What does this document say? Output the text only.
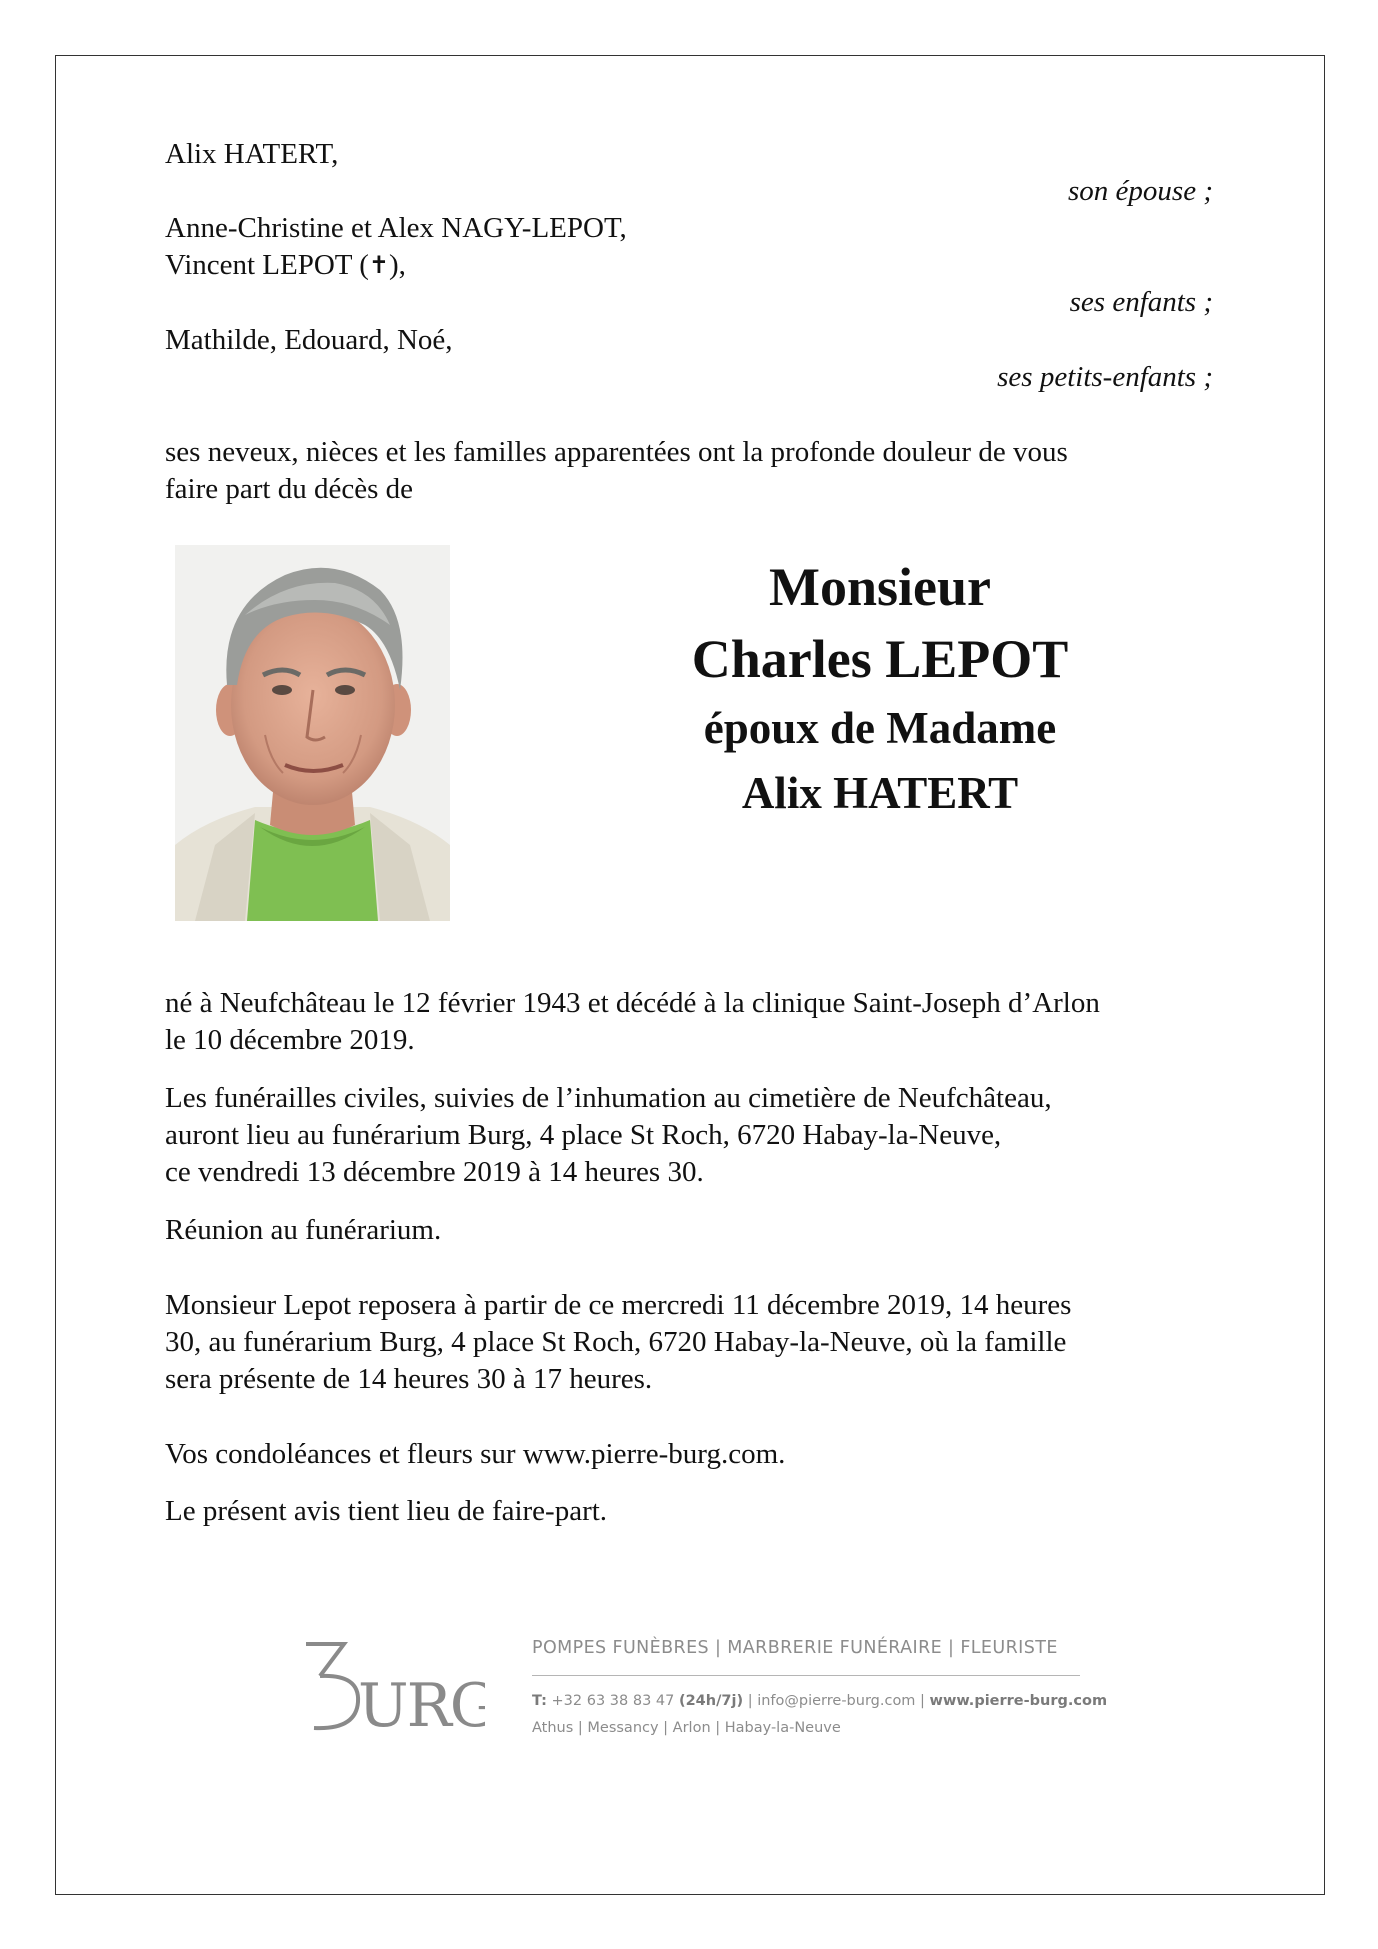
Alix HATERT,
son épouse ;
Anne-Christine et Alex NAGY-LEPOT,
Vincent LEPOT (✝),
ses enfants ;
Mathilde, Edouard, Noé,
ses petits-enfants ;
ses neveux, nièces et les familles apparentées ont la profonde douleur de vous
faire part du décès de
Monsieur
Charles LEPOT
époux de Madame
Alix HATERT
né à Neufchâteau le 12 février 1943 et décédé à la clinique Saint-Joseph d’Arlon
le 10 décembre 2019.
Les funérailles civiles, suivies de l’inhumation au cimetière de Neufchâteau,
auront lieu au funérarium Burg, 4 place St Roch, 6720 Habay-la-Neuve,
ce vendredi 13 décembre 2019 à 14 heures 30.
Réunion au funérarium.
Monsieur Lepot reposera à partir de ce mercredi 11 décembre 2019, 14 heures
30, au funérarium Burg, 4 place St Roch, 6720 Habay-la-Neuve, où la famille
sera présente de 14 heures 30 à 17 heures.
Vos condoléances et fleurs sur www.pierre-burg.com.
Le présent avis tient lieu de faire-part.
URG
POMPES FUNÈBRES | MARBRERIE FUNÉRAIRE | FLEURISTE
T: +32 63 38 83 47 (24h/7j) | info@pierre-burg.com | www.pierre-burg.com
Athus | Messancy | Arlon | Habay-la-Neuve
